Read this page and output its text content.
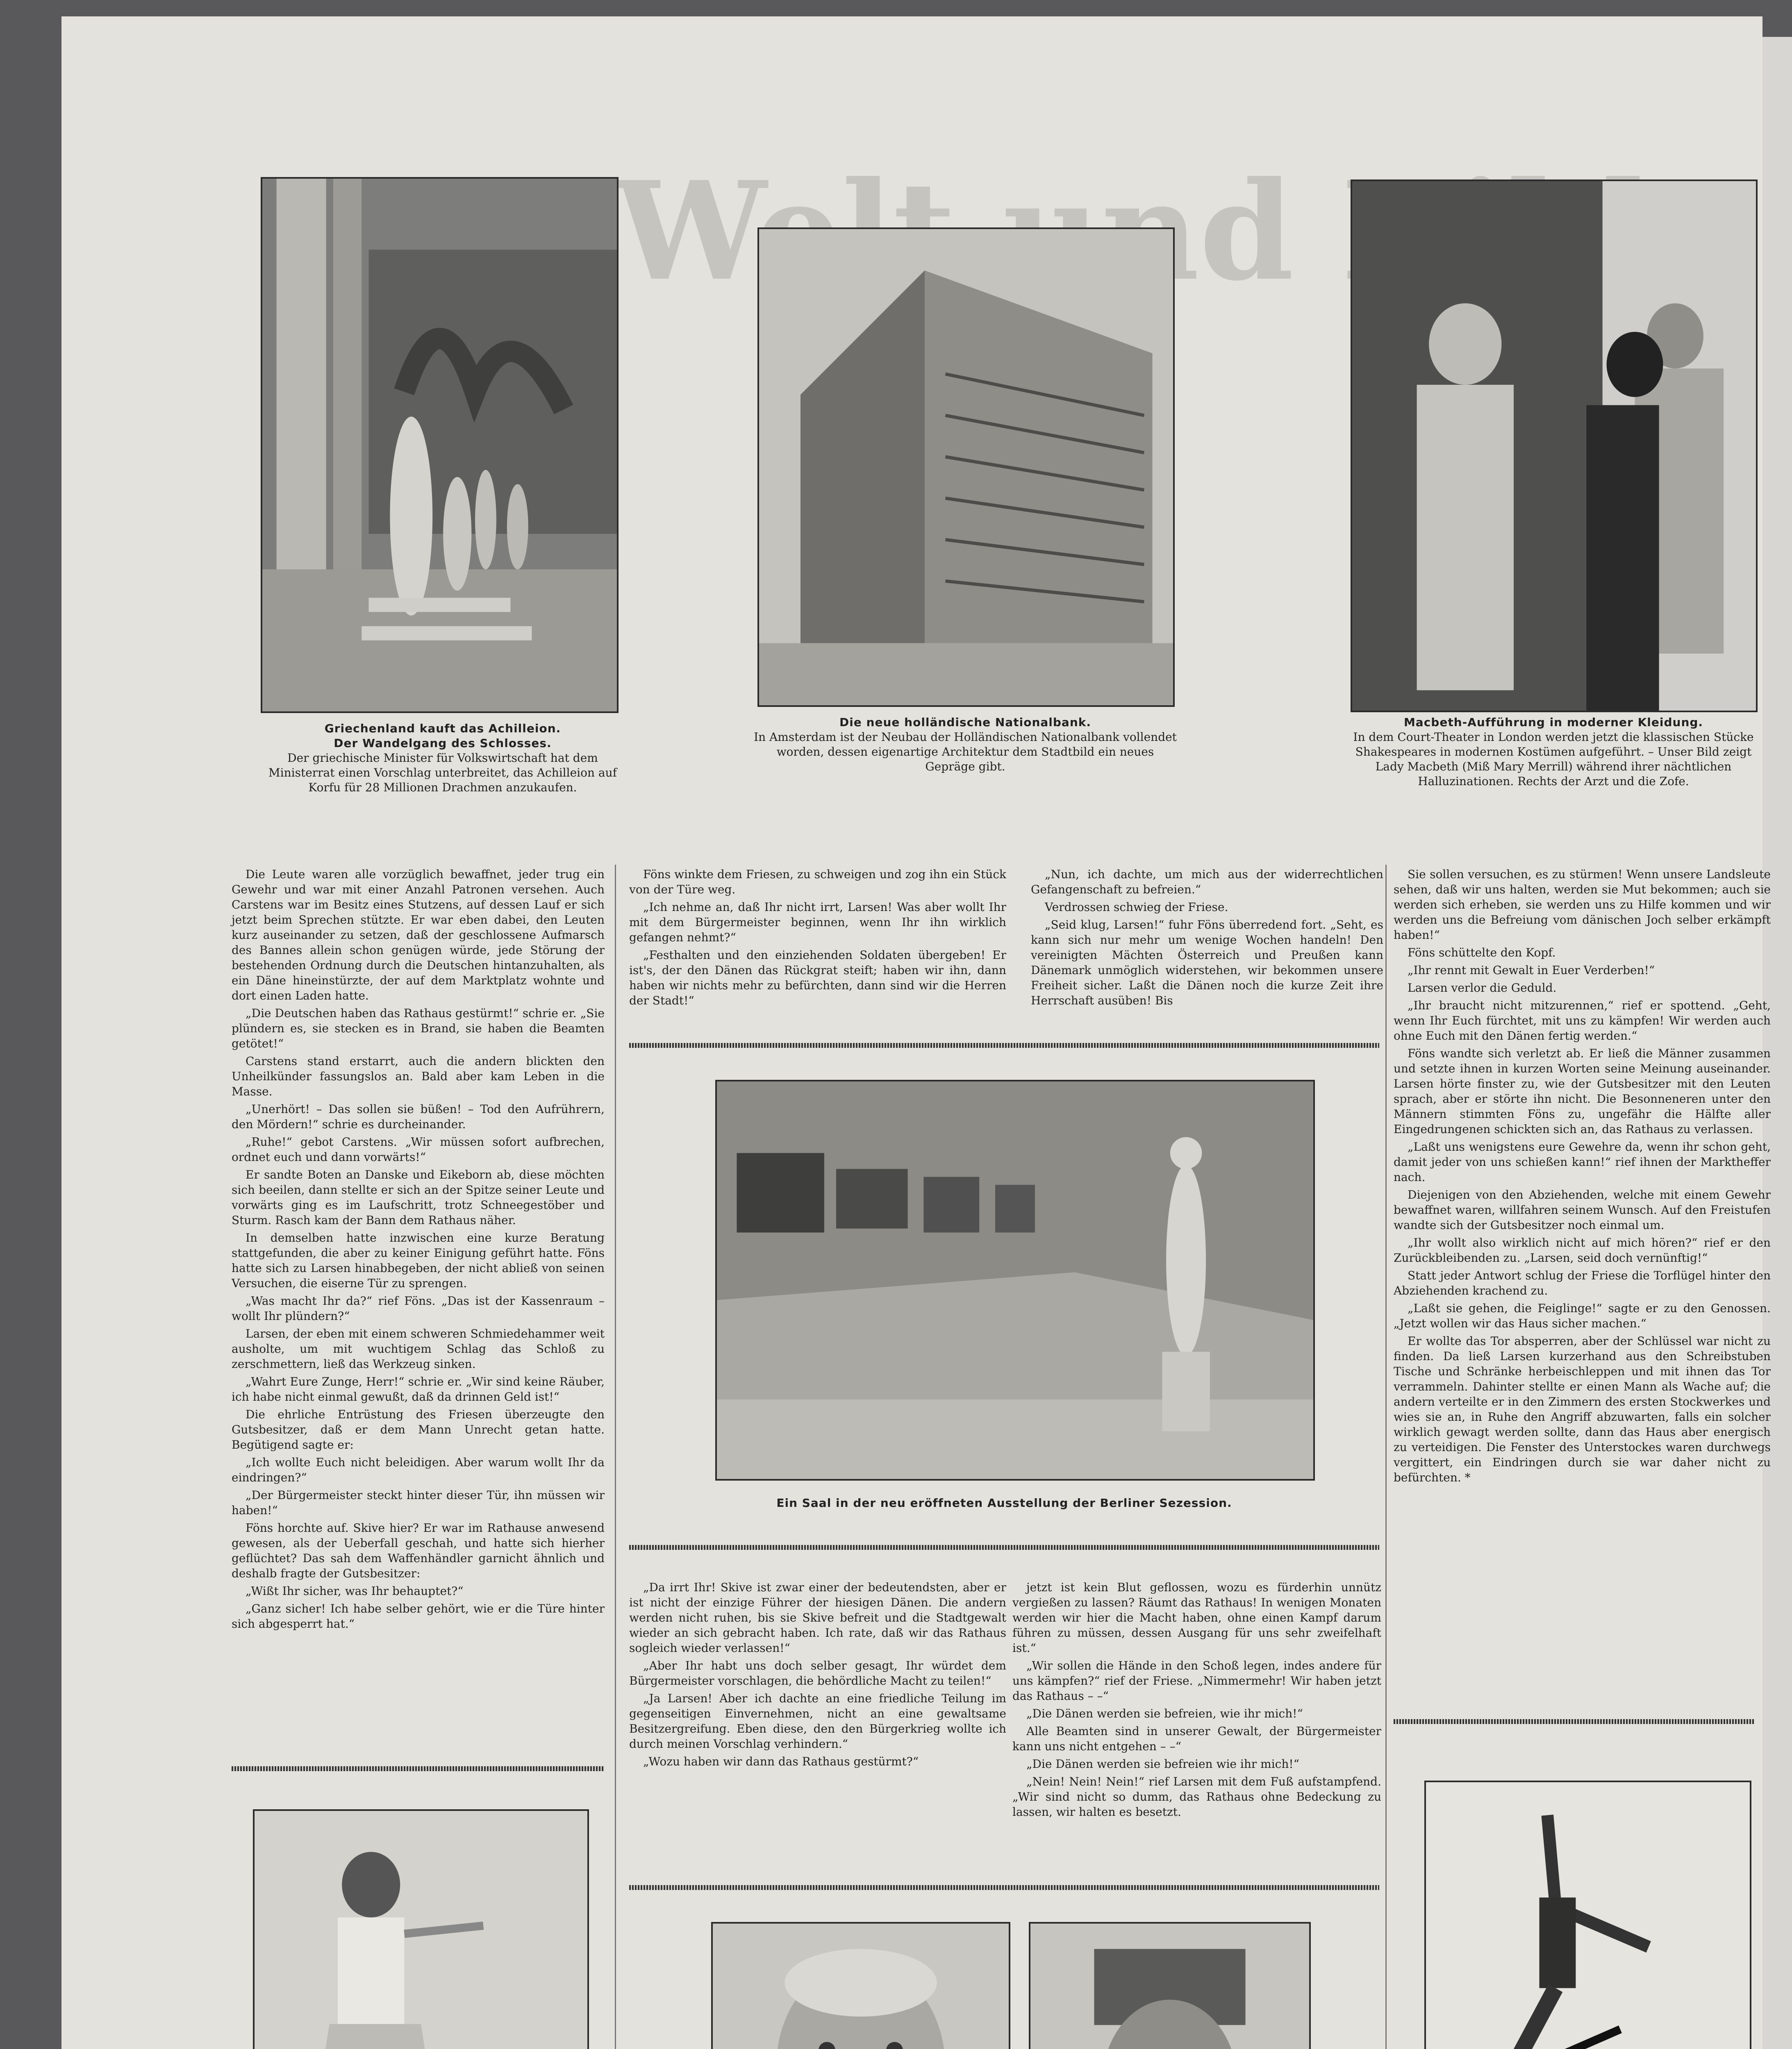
Griechenland kauft das Achilleion.
Der Wandelgang des Schlosses.
Der griechische Minister für Volkswirtschaft hat dem Ministerrat einen Vorschlag unterbreitet, das Achilleion auf Korfu für 28 Millionen Drachmen anzukaufen.
Die neue holländische Nationalbank.
In Amsterdam ist der Neubau der Holländischen Nationalbank vollendet worden, dessen eigenartige Architektur dem Stadtbild ein neues Gepräge gibt.
Macbeth-Aufführung in moderner Kleidung.
In dem Court-Theater in London werden jetzt die klassischen Stücke Shakespeares in modernen Kostümen aufgeführt. – Unser Bild zeigt Lady Macbeth (Miß Mary Merrill) während ihrer nächtlichen Halluzinationen. Rechts der Arzt und die Zofe.

Die Leute waren alle vorzüglich bewaffnet, jeder trug ein Gewehr und war mit einer Anzahl Patronen versehen. Auch Carstens war im Besitz eines Stutzens, auf dessen Lauf er sich jetzt beim Sprechen stützte. Er war eben dabei, den Leuten kurz auseinander zu setzen, daß der geschlossene Aufmarsch des Bannes allein schon genügen würde, jede Störung der bestehenden Ordnung durch die Deutschen hintanzuhalten, als ein Däne hineinstürzte, der auf dem Marktplatz wohnte und dort einen Laden hatte.

„Die Deutschen haben das Rathaus gestürmt!“ schrie er. „Sie plündern es, sie stecken es in Brand, sie haben die Beamten getötet!“

Carstens stand erstarrt, auch die andern blickten den Unheilkünder fassungslos an. Bald aber kam Leben in die Masse.

„Unerhört! – Das sollen sie büßen! – Tod den Aufrührern, den Mördern!“ schrie es durcheinander.

„Ruhe!“ gebot Carstens. „Wir müssen sofort aufbrechen, ordnet euch und dann vorwärts!“

Er sandte Boten an Danske und Eikeborn ab, diese möchten sich beeilen, dann stellte er sich an der Spitze seiner Leute und vorwärts ging es im Laufschritt, trotz Schneegestöber und Sturm. Rasch kam der Bann dem Rathaus näher.

In demselben hatte inzwischen eine kurze Beratung stattgefunden, die aber zu keiner Einigung geführt hatte. Föns hatte sich zu Larsen hinabbegeben, der nicht abließ von seinen Versuchen, die eiserne Tür zu sprengen.

„Was macht Ihr da?“ rief Föns. „Das ist der Kassenraum – wollt Ihr plündern?“

Larsen, der eben mit einem schweren Schmiedehammer weit ausholte, um mit wuchtigem Schlag das Schloß zu zerschmettern, ließ das Werkzeug sinken.

„Wahrt Eure Zunge, Herr!“ schrie er. „Wir sind keine Räuber, ich habe nicht einmal gewußt, daß da drinnen Geld ist!“

Die ehrliche Entrüstung des Friesen überzeugte den Gutsbesitzer, daß er dem Mann Unrecht getan hatte. Begütigend sagte er:

„Ich wollte Euch nicht beleidigen. Aber warum wollt Ihr da eindringen?“

„Der Bürgermeister steckt hinter dieser Tür, ihn müssen wir haben!“

Föns horchte auf. Skive hier? Er war im Rathause anwesend gewesen, als der Ueberfall geschah, und hatte sich hierher geflüchtet? Das sah dem Waffenhändler garnicht ähnlich und deshalb fragte der Gutsbesitzer:

„Wißt Ihr sicher, was Ihr behauptet?“

„Ganz sicher! Ich habe selber gehört, wie er die Türe hinter sich abgesperrt hat.“

Föns winkte dem Friesen, zu schweigen und zog ihn ein Stück von der Türe weg.

„Ich nehme an, daß Ihr nicht irrt, Larsen! Was aber wollt Ihr mit dem Bürgermeister beginnen, wenn Ihr ihn wirklich gefangen nehmt?“

„Festhalten und den einziehenden Soldaten übergeben! Er ist's, der den Dänen das Rückgrat steift; haben wir ihn, dann haben wir nichts mehr zu befürchten, dann sind wir die Herren der Stadt!“

„Nun, ich dachte, um mich aus der widerrechtlichen Gefangenschaft zu befreien.“

Verdrossen schwieg der Friese.

„Seid klug, Larsen!“ fuhr Föns überredend fort. „Seht, es kann sich nur mehr um wenige Wochen handeln! Den vereinigten Mächten Österreich und Preußen kann Dänemark unmöglich widerstehen, wir bekommen unsere Freiheit sicher. Laßt die Dänen noch die kurze Zeit ihre Herrschaft ausüben! Bis

Ein Saal in der neu eröffneten Ausstellung der Berliner Sezession.

„Da irrt Ihr! Skive ist zwar einer der bedeutendsten, aber er ist nicht der einzige Führer der hiesigen Dänen. Die andern werden nicht ruhen, bis sie Skive befreit und die Stadtgewalt wieder an sich gebracht haben. Ich rate, daß wir das Rathaus sogleich wieder verlassen!“

„Aber Ihr habt uns doch selber gesagt, Ihr würdet dem Bürgermeister vorschlagen, die behördliche Macht zu teilen!“

„Ja Larsen! Aber ich dachte an eine friedliche Teilung im gegenseitigen Einvernehmen, nicht an eine gewaltsame Besitzergreifung. Eben diese, den den Bürgerkrieg wollte ich durch meinen Vorschlag verhindern.“

„Wozu haben wir dann das Rathaus gestürmt?“

jetzt ist kein Blut geflossen, wozu es fürderhin unnütz vergießen zu lassen? Räumt das Rathaus! In wenigen Monaten werden wir hier die Macht haben, ohne einen Kampf darum führen zu müssen, dessen Ausgang für uns sehr zweifelhaft ist.“

„Wir sollen die Hände in den Schoß legen, indes andere für uns kämpfen?“ rief der Friese. „Nimmermehr! Wir haben jetzt das Rathaus – –“

„Die Dänen werden sie befreien, wie ihr mich!“

Alle Beamten sind in unserer Gewalt, der Bürgermeister kann uns nicht entgehen – –“

„Die Dänen werden sie befreien wie ihr mich!“

„Nein! Nein! Nein!“ rief Larsen mit dem Fuß aufstampfend. „Wir sind nicht so dumm, das Rathaus ohne Bedeckung zu lassen, wir halten es besetzt.

Sie sollen versuchen, es zu stürmen! Wenn unsere Landsleute sehen, daß wir uns halten, werden sie Mut bekommen; auch sie werden sich erheben, sie werden uns zu Hilfe kommen und wir werden uns die Befreiung vom dänischen Joch selber erkämpft haben!“

Föns schüttelte den Kopf.

„Ihr rennt mit Gewalt in Euer Verderben!“

Larsen verlor die Geduld.

„Ihr braucht nicht mitzurennen,“ rief er spottend. „Geht, wenn Ihr Euch fürchtet, mit uns zu kämpfen! Wir werden auch ohne Euch mit den Dänen fertig werden.“

Föns wandte sich verletzt ab. Er ließ die Männer zusammen und setzte ihnen in kurzen Worten seine Meinung auseinander. Larsen hörte finster zu, wie der Gutsbesitzer mit den Leuten sprach, aber er störte ihn nicht. Die Besonneneren unter den Männern stimmten Föns zu, ungefähr die Hälfte aller Eingedrungenen schickten sich an, das Rathaus zu verlassen.

„Laßt uns wenigstens eure Gewehre da, wenn ihr schon geht, damit jeder von uns schießen kann!“ rief ihnen der Marktheffer nach.

Diejenigen von den Abziehenden, welche mit einem Gewehr bewaffnet waren, willfahren seinem Wunsch. Auf den Freistufen wandte sich der Gutsbesitzer noch einmal um.

„Ihr wollt also wirklich nicht auf mich hören?“ rief er den Zurückbleibenden zu. „Larsen, seid doch vernünftig!“

Statt jeder Antwort schlug der Friese die Torflügel hinter den Abziehenden krachend zu.

„Laßt sie gehen, die Feiglinge!“ sagte er zu den Genossen. „Jetzt wollen wir das Haus sicher machen.“

Er wollte das Tor absperren, aber der Schlüssel war nicht zu finden. Da ließ Larsen kurzerhand aus den Schreibstuben Tische und Schränke herbeischleppen und mit ihnen das Tor verrammeln. Dahinter stellte er einen Mann als Wache auf; die andern verteilte er in den Zimmern des ersten Stockwerkes und wies sie an, in Ruhe den Angriff abzuwarten, falls ein solcher wirklich gewagt werden sollte, dann das Haus aber energisch zu verteidigen. Die Fenster des Unterstockes waren durchwegs vergittert, ein Eindringen durch sie war daher nicht zu befürchten. *
